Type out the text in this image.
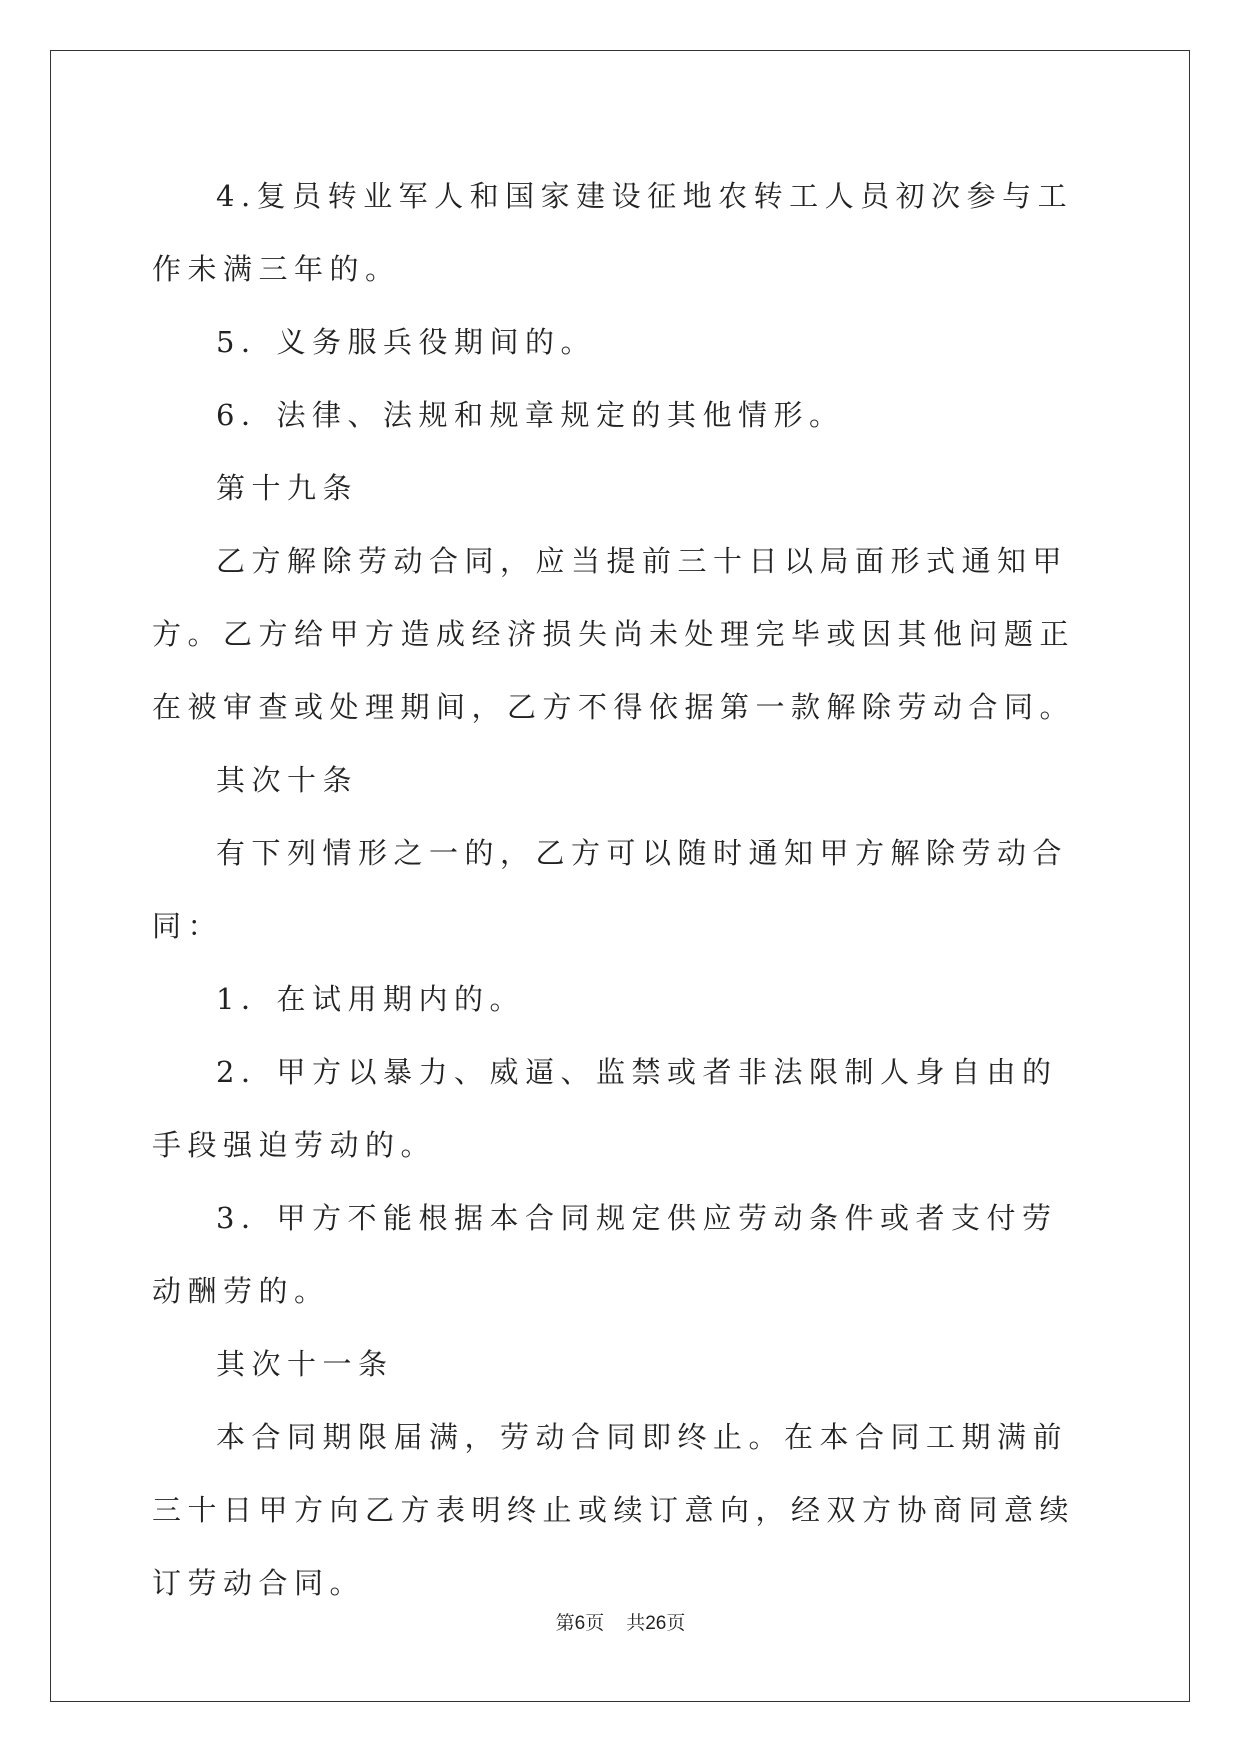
4.复员转业军人和国家建设征地农转工人员初次参与工作未满三年的。

5．义务服兵役期间的。

6．法律、法规和规章规定的其他情形。

第十九条

乙方解除劳动合同，应当提前三十日以局面形式通知甲方。乙方给甲方造成经济损失尚未处理完毕或因其他问题正在被审查或处理期间，乙方不得依据第一款解除劳动合同。

其次十条

有下列情形之一的，乙方可以随时通知甲方解除劳动合同：

1．在试用期内的。

2．甲方以暴力、威逼、监禁或者非法限制人身自由的手段强迫劳动的。

3．甲方不能根据本合同规定供应劳动条件或者支付劳动酬劳的。

其次十一条

本合同期限届满，劳动合同即终止。在本合同工期满前三十日甲方向乙方表明终止或续订意向，经双方协商同意续订劳动合同。

第6页 共26页
